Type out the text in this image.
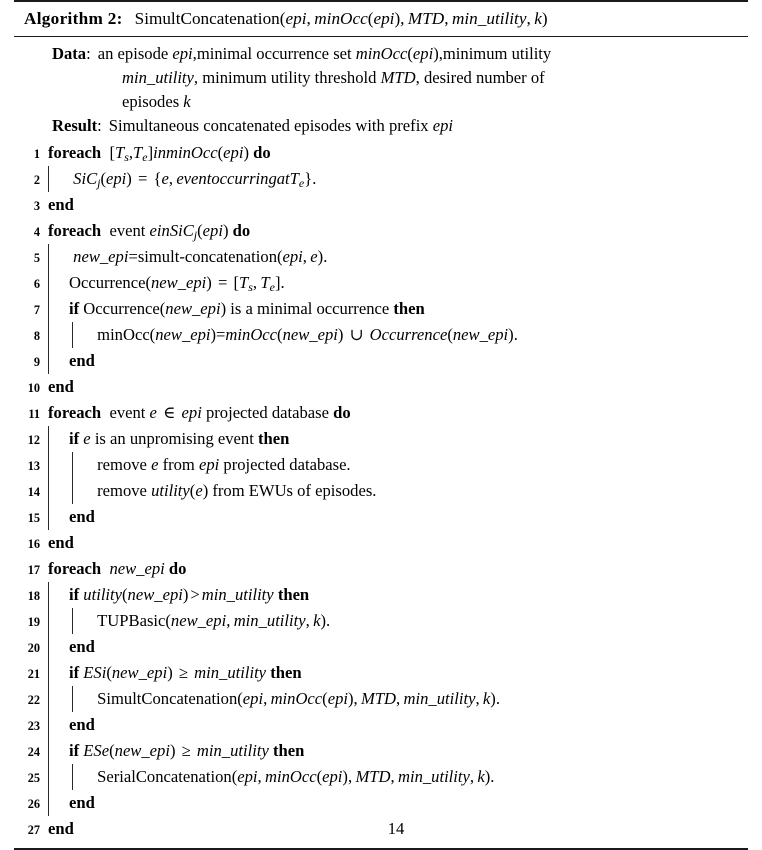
Algorithm 2: SimultConcatenation(epi,  minOcc(epi),  MTD,  min_utility,  k)
Data: an episode epi,minimal occurrence set minOcc(epi),minimum utility
min_utility, minimum utility threshold MTD, desired number of
episodes k
Result: Simultaneous concatenated episodes with prefix epi
1 foreach $[T_s,T_e]inminOcc(epi)$ do
2	SiC$_j$(epi) = {e,  eventoccurringatT$_e$}.
3 end
4 foreach  event einSiC$_j$(epi) do
5	new_epi=simult-concatenation(epi,  e).
6 Occurrence(new_epi) = [$T_s$,  $T_e$].
7 if Occurrence(new_epi) is a minimal occurrence then
8	minOcc(new_epi)=minOcc(new_epi) ∪ Occurrence(new_epi).
9 end
10 end
11 foreach  event e ∈ epi projected database do
12 if e is an unpromising event then
13	remove e from epi projected database.
14	remove utility(e) from EWUs of episodes.
15 end
16 end
17 foreach new_epi do
18 if utility(new_epi) > min_utility then
19	TUPBasic(new_epi,  min_utility,  k).
20 end
21 if ESi(new_epi) ≥ min_utility then
22	SimultConcatenation(epi,  minOcc(epi),  MTD,  min_utility,  k).
23 end
24 if ESe(new_epi) ≥ min_utility then
25	SerialConcatenation(epi,  minOcc(epi),  MTD,  min_utility,  k).
26 end
27 end	14
